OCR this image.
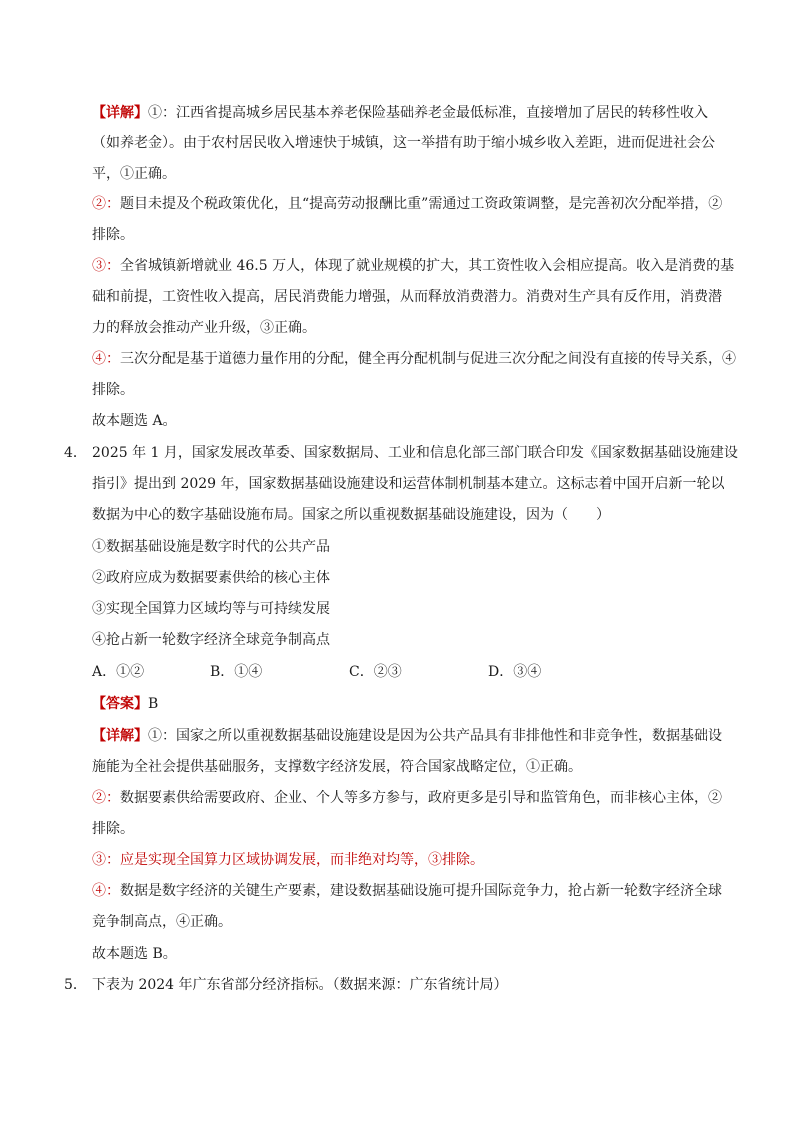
【详解】①：江西省提高城乡居民基本养老保险基础养老金最低标准，直接增加了居民的转移性收入
（如养老金）。由于农村居民收入增速快于城镇，这一举措有助于缩小城乡收入差距，进而促进社会公
平，①正确。
②：题目未提及个税政策优化，且“提高劳动报酬比重”需通过工资政策调整，是完善初次分配举措，②
排除。
③：全省城镇新增就业 46.5 万人，体现了就业规模的扩大，其工资性收入会相应提高。收入是消费的基
础和前提，工资性收入提高，居民消费能力增强，从而释放消费潜力。消费对生产具有反作用，消费潜
力的释放会推动产业升级，③正确。
④：三次分配是基于道德力量作用的分配，健全再分配机制与促进三次分配之间没有直接的传导关系，④
排除。
故本题选 A。
4． 2025 年 1 月，国家发展改革委、国家数据局、工业和信息化部三部门联合印发《国家数据基础设施建设
指引》提出到 2029 年，国家数据基础设施建设和运营体制机制基本建立。这标志着中国开启新一轮以
数据为中心的数字基础设施布局。国家之所以重视数据基础设施建设，因为（　　）
①数据基础设施是数字时代的公共产品
②政府应成为数据要素供给的核心主体
③实现全国算力区域均等与可持续发展
④抢占新一轮数字经济全球竞争制高点
A．①②	B．①④	C．②③	D．③④
【答案】B
【详解】①：国家之所以重视数据基础设施建设是因为公共产品具有非排他性和非竞争性，数据基础设
施能为全社会提供基础服务，支撑数字经济发展，符合国家战略定位，①正确。
②：数据要素供给需要政府、企业、个人等多方参与，政府更多是引导和监管角色，而非核心主体，②
排除。
③：应是实现全国算力区域协调发展，而非绝对均等，③排除。
④：数据是数字经济的关键生产要素，建设数据基础设施可提升国际竞争力，抢占新一轮数字经济全球
竞争制高点，④正确。
故本题选 B。
5． 下表为 2024 年广东省部分经济指标。（数据来源：广东省统计局）
